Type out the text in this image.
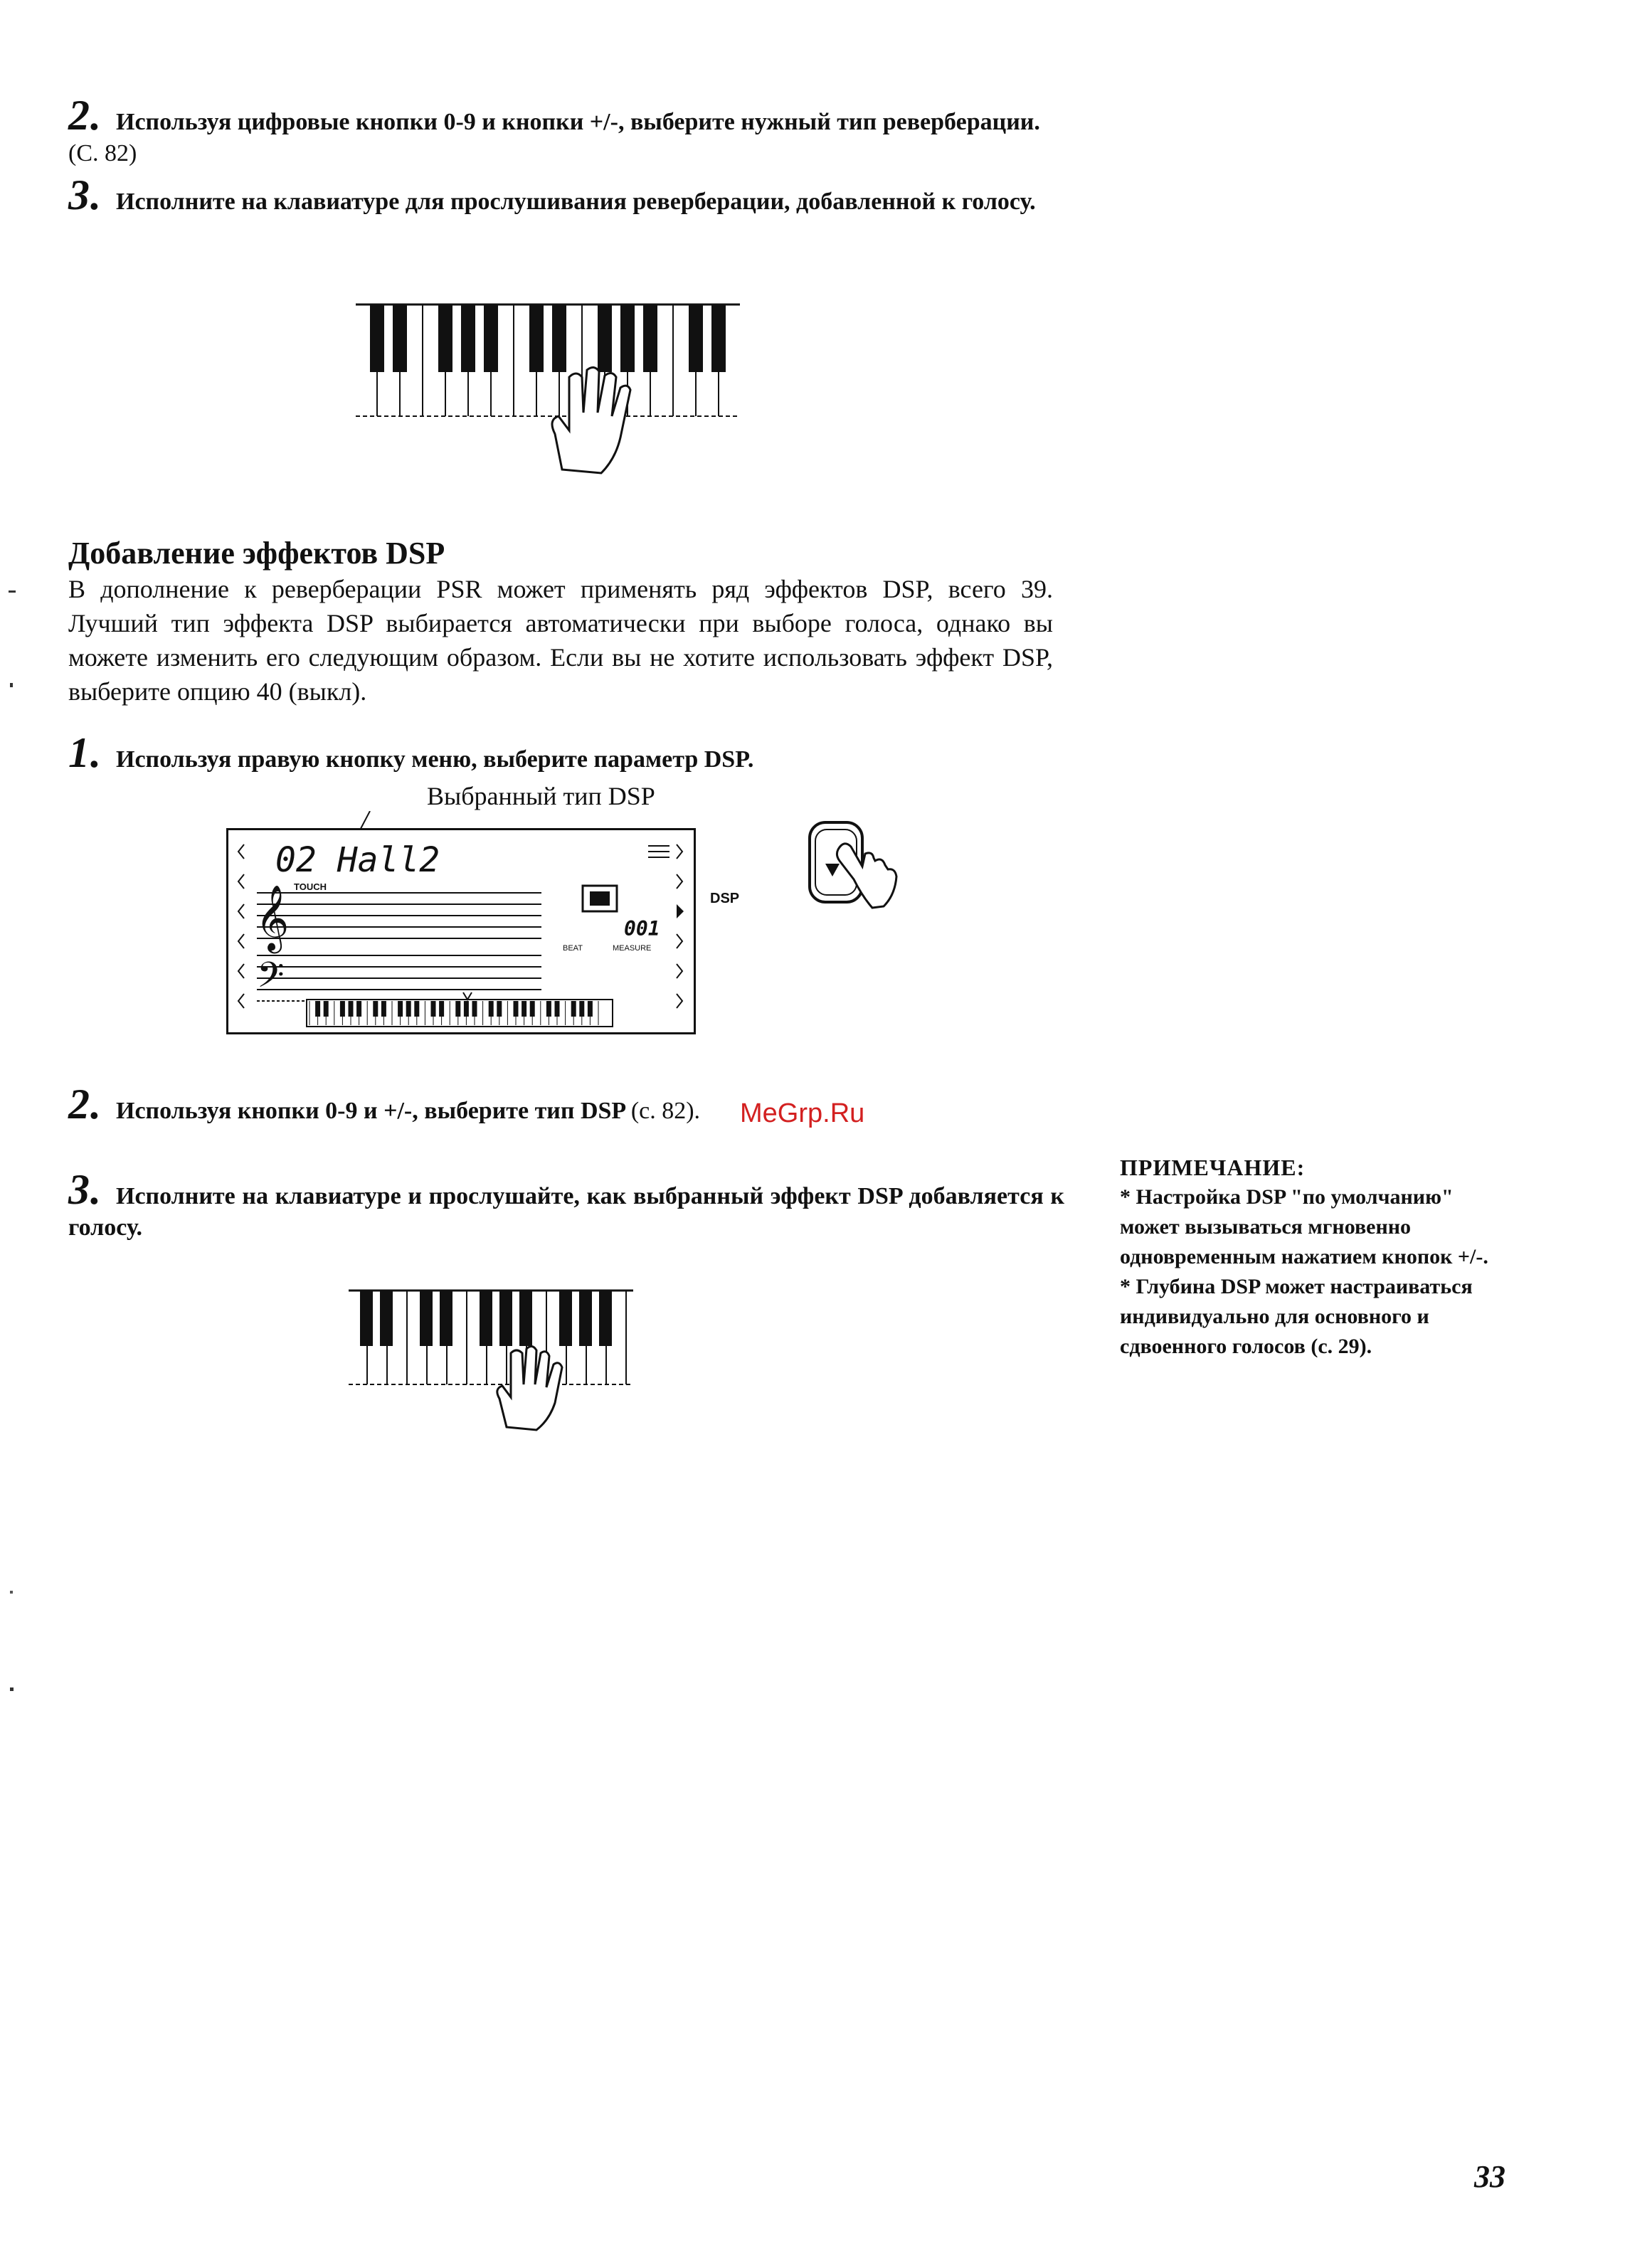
2. Используя цифровые кнопки 0-9 и кнопки +/-, выберите нужный тип реверберации. (C. 82)
3. Исполните на клавиатуре для прослушивания реверберации, добавленной к голосу.
Добавление эффектов DSP
В дополнение к реверберации PSR может применять ряд эффектов DSP, всего 39. Лучший тип эффекта DSP выбирается автоматически при выборе голоса, однако вы можете изменить его следующим образом. Если вы не хотите использовать эффект DSP, выберите опцию 40 (выкл).
1. Используя правую кнопку меню, выберите параметр DSP.
Выбранный тип DSP
𝄞
𝄢
02 Hall2
TOUCH
001
BEAT	MEASURE
DSP
2. Используя кнопки 0-9 и +/-, выберите тип DSP (с. 82).	MeGrp.Ru
3. Исполните на клавиатуре и прослушайте, как выбранный эффект DSP добавляется к голосу.
ПРИМЕЧАНИЕ:
* Настройка DSP "по умолчанию" может вызываться мгновенно одновременным нажатием кнопок +/-.
* Глубина DSP может настраиваться индивидуально для основного и сдвоенного голосов (с. 29).
33
